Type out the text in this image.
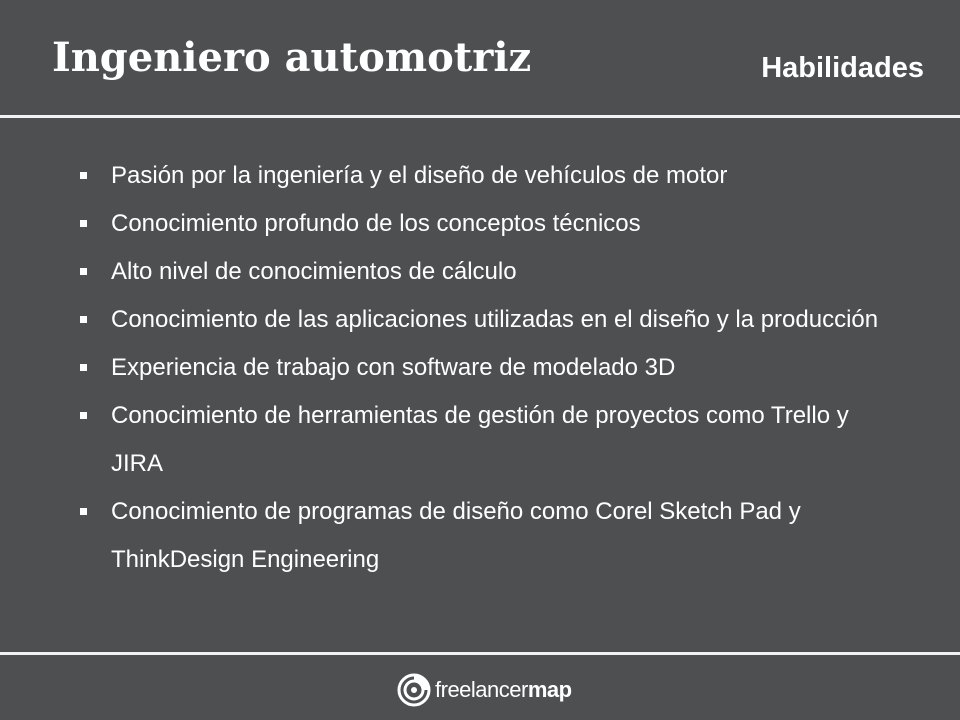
Ingeniero automotriz	Habilidades
Pasión por la ingeniería y el diseño de vehículos de motor
Conocimiento profundo de los conceptos técnicos
Alto nivel de conocimientos de cálculo
Conocimiento de las aplicaciones utilizadas en el diseño y la producción
Experiencia de trabajo con software de modelado 3D
Conocimiento de herramientas de gestión de proyectos como Trello y JIRA
Conocimiento de programas de diseño como Corel Sketch Pad y ThinkDesign Engineering
freelancermap
